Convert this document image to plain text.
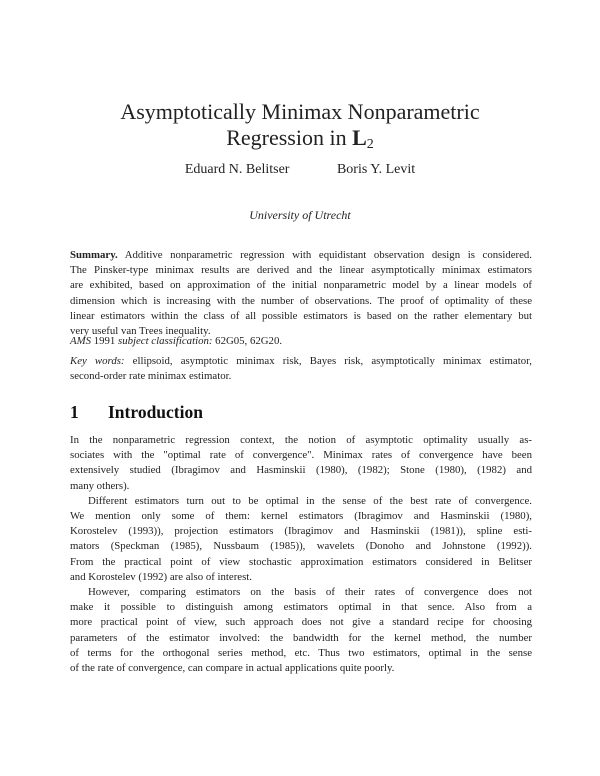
Asymptotically Minimax Nonparametric
Regression in $L_2$
Eduard N. Belitser	Boris Y. Levit
University of Utrecht
Summary. Additive nonparametric regression with equidistant observation design is considered.
The Pinsker-type minimax results are derived and the linear asymptotically minimax estimators
are exhibited, based on approximation of the initial nonparametric model by a linear models of
dimension which is increasing with the number of observations. The proof of optimality of these
linear estimators within the class of all possible estimators is based on the rather elementary but
very useful van Trees inequality.
AMS 1991 subject classification: 62G05, 62G20.
Key words: ellipsoid, asymptotic minimax risk, Bayes risk, asymptotically minimax estimator,
second-order rate minimax estimator.
1 Introduction
In the nonparametric regression context, the notion of asymptotic optimality usually as-
sociates with the "optimal rate of convergence". Minimax rates of convergence have been
extensively studied (Ibragimov and Hasminskii (1980), (1982); Stone (1980), (1982) and
many others).
Different estimators turn out to be optimal in the sense of the best rate of convergence.
We mention only some of them: kernel estimators (Ibragimov and Hasminskii (1980),
Korostelev (1993)), projection estimators (Ibragimov and Hasminskii (1981)), spline esti-
mators (Speckman (1985), Nussbaum (1985)), wavelets (Donoho and Johnstone (1992)).
From the practical point of view stochastic approximation estimators considered in Belitser
and Korostelev (1992) are also of interest.
However, comparing estimators on the basis of their rates of convergence does not
make it possible to distinguish among estimators optimal in that sence. Also from a
more practical point of view, such approach does not give a standard recipe for choosing
parameters of the estimator involved: the bandwidth for the kernel method, the number
of terms for the orthogonal series method, etc. Thus two estimators, optimal in the sense
of the rate of convergence, can compare in actual applications quite poorly.
